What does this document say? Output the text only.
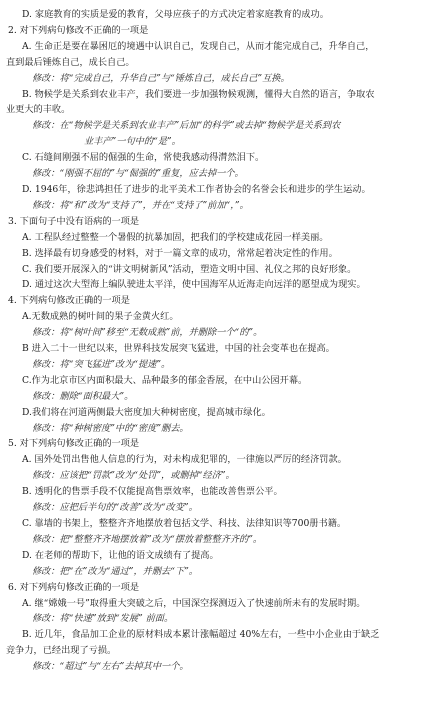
D. 家庭教育的实质是爱的教育，父母应孩子的方式决定着家庭教育的成功。
2. 对下列病句修改不正确的一项是
A. 生命正是要在暴困厄的境遇中认识自己，发现自己，从而才能完成自己，升华自己，
直到最后锤炼自己，成长自己。
修改：将“完成自己，升华自己”与“锤炼自己，成长自己”互换。
B. 物候学是关系到农业丰产，我们要进一步加强物候观测，懂得大自然的语言，争取农
业更大的丰收。
修改：在“物候学是关系到农业丰产”后加“的科学”或去掉“物候学是关系到农
业丰产”一句中的“是”。
C. 石缝间刚强不屈的倔强的生命，常使我感动得潸然泪下。
修改：“刚强不屈的”与“倔强的”重复，应去掉一个。
D. 1946年，徐悲鸿担任了进步的北平美术工作者协会的名誉会长和进步的学生运动。
修改：将“和”改为“支持了”，并在“支持了”前加“，”。
3. 下面句子中没有语病的一项是
A. 工程队经过整整一个暑假的抗暴加固，把我们的学校建成花园一样美丽。
B. 选择最有切身感受的材料，对于一篇文章的成功，常常起着决定性的作用。
C. 我们要开展深入的“讲文明树新风”活动，塑造文明中国、礼仪之邦的良好形象。
D. 通过这次大型海上编队驶进太平洋，使中国海军从近海走向远洋的愿望成为现实。
4. 下列病句修改正确的一项是
A.无数成熟的树叶间的果子金黄火红。
修改：将“树叶间”移至“无数成熟”前，并删除一个“的”。
B 进入二十一世纪以来，世界科技发展突飞猛进，中国的社会变革也在提高。
修改：将“突飞猛进”改为“提速”。
C.作为北京市区内面积最大、品种最多的郁金香展，在中山公园开幕。
修改：删除“面积最大”。
D.我们将在河道两侧最大密度加大种树密度，提高城市绿化。
修改：将“种树密度”中的“密度”删去。
5. 对下列病句修改正确的一项是
A. 国外处罚出售他人信息的行为，对未构成犯罪的，一律施以严厉的经济罚款。
修改：应该把“罚款”改为“处罚”，或删掉“经济”。
B. 透明化的售票手段不仅能提高售票效率，也能改善售票公平。
修改：应把后半句的“改善”改为“改变”。
C. 靠墙的书架上，整整齐齐地摆放着包括文学、科技、法律知识等700册书籍。
修改：把“整整齐齐地摆放着”改为“摆放着整整齐齐的”。
D. 在老师的帮助下，让他的语文成绩有了提高。
修改：把“在”改为“通过”，并删去“下”。
6. 对下列病句修改正确的一项是
A. 继“嫦娥一号”取得重大突破之后，中国深空探测迈入了快速前所未有的发展时期。
修改：将“快速”放到“发展” 前面。
B. 近几年，食品加工企业的原材料成本累计涨幅超过 40%左右，一些中小企业由于缺乏
竞争力，已经出现了亏损。
修改：“超过”与“左右”去掉其中一个。
